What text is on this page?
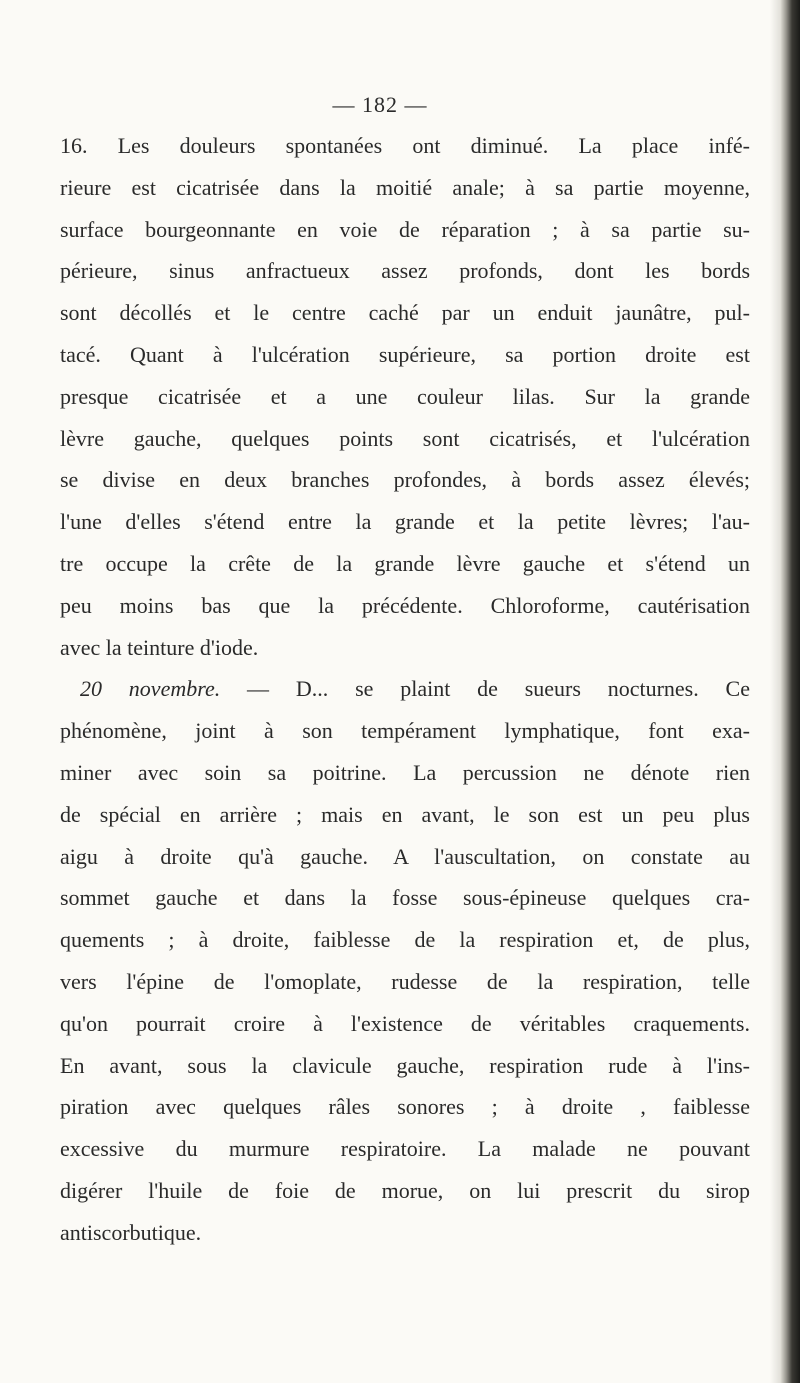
— 182 —
16. Les douleurs spontanées ont diminué. La place infé-
rieure est cicatrisée dans la moitié anale; à sa partie moyenne,
surface bourgeonnante en voie de réparation ; à sa partie su-
périeure, sinus anfractueux assez profonds, dont les bords
sont décollés et le centre caché par un enduit jaunâtre, pul-
tacé. Quant à l'ulcération supérieure, sa portion droite est
presque cicatrisée et a une couleur lilas. Sur la grande
lèvre gauche, quelques points sont cicatrisés, et l'ulcération
se divise en deux branches profondes, à bords assez élevés;
l'une d'elles s'étend entre la grande et la petite lèvres; l'au-
tre occupe la crête de la grande lèvre gauche et s'étend un
peu moins bas que la précédente. Chloroforme, cautérisation
avec la teinture d'iode.
20 novembre. — D... se plaint de sueurs nocturnes. Ce
phénomène, joint à son tempérament lymphatique, font exa-
miner avec soin sa poitrine. La percussion ne dénote rien
de spécial en arrière ; mais en avant, le son est un peu plus
aigu à droite qu'à gauche. A l'auscultation, on constate au
sommet gauche et dans la fosse sous-épineuse quelques cra-
quements ; à droite, faiblesse de la respiration et, de plus,
vers l'épine de l'omoplate, rudesse de la respiration, telle
qu'on pourrait croire à l'existence de véritables craquements.
En avant, sous la clavicule gauche, respiration rude à l'ins-
piration avec quelques râles sonores ; à droite , faiblesse
excessive du murmure respiratoire. La malade ne pouvant
digérer l'huile de foie de morue, on lui prescrit du sirop
antiscorbutique.
